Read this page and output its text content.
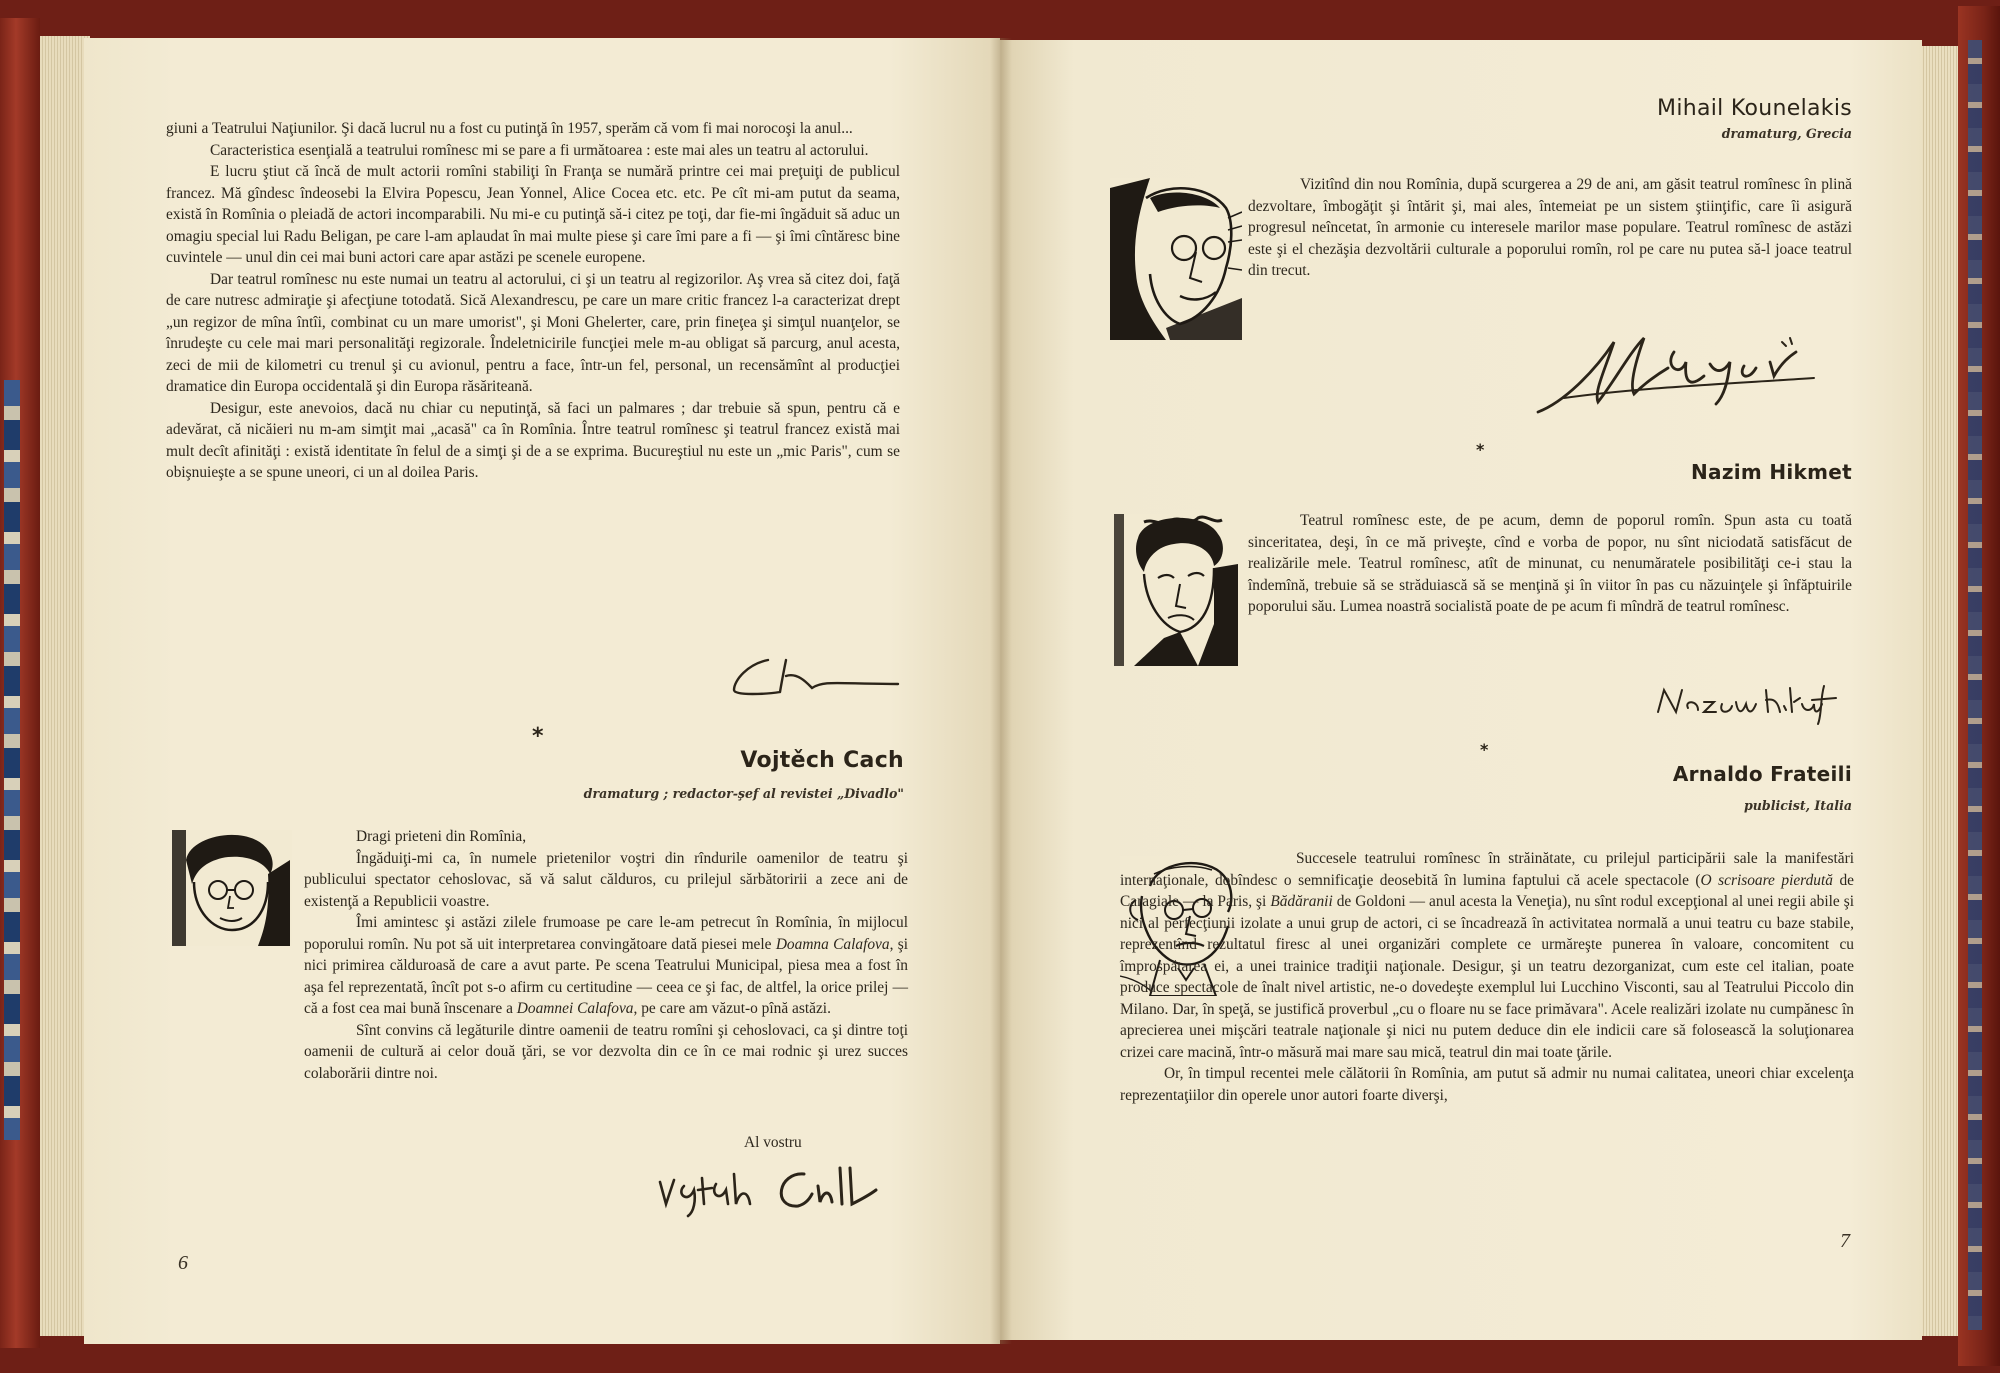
giuni a Teatrului Naţiunilor. Şi dacă lucrul nu a fost cu putinţă în 1957, sperăm că vom fi mai norocoşi la anul...

Caracteristica esenţială a teatrului romînesc mi se pare a fi următoarea : este mai ales un teatru al actorului.

E lucru ştiut că încă de mult actorii romîni stabiliţi în Franţa se numără printre cei mai preţuiţi de publicul francez. Mă gîndesc îndeosebi la Elvira Popescu, Jean Yonnel, Alice Cocea etc. etc. Pe cît mi-am putut da seama, există în Romînia o pleiadă de actori incomparabili. Nu mi-e cu putinţă să-i citez pe toţi, dar fie-mi îngăduit să aduc un omagiu special lui Radu Beligan, pe care l-am aplaudat în mai multe piese şi care îmi pare a fi — şi îmi cîntăresc bine cuvintele — unul din cei mai buni actori care apar astăzi pe scenele europene.

Dar teatrul romînesc nu este numai un teatru al actorului, ci şi un teatru al regizorilor. Aş vrea să citez doi, faţă de care nutresc admiraţie şi afecţiune totodată. Sică Alexandrescu, pe care un mare critic francez l-a caracterizat drept „un regizor de mîna întîi, combinat cu un mare umorist", şi Moni Ghelerter, care, prin fineţea şi simţul nuanţelor, se înrudeşte cu cele mai mari personalităţi regizorale. Îndeletnicirile funcţiei mele m-au obligat să parcurg, anul acesta, zeci de mii de kilometri cu trenul şi cu avionul, pentru a face, într-un fel, personal, un recensămînt al producţiei dramatice din Europa occidentală şi din Europa răsăriteană.

Desigur, este anevoios, dacă nu chiar cu neputinţă, să faci un palmares ; dar trebuie să spun, pentru că e adevărat, că nicăieri nu m-am simţit mai „acasă" ca în Romînia. Între teatrul romînesc şi teatrul francez există mai mult decît afinităţi : există identitate în felul de a simţi şi de a se exprima. Bucureştiul nu este un „mic Paris", cum se obişnuieşte a se spune uneori, ci un al doilea Paris.

*
Vojtěch Cach
dramaturg ; redactor-şef al revistei „Divadlo"

Dragi prieteni din Romînia,

Îngăduiţi-mi ca, în numele prietenilor voştri din rîndurile oamenilor de teatru şi publicului spectator cehoslovac, să vă salut călduros, cu prilejul sărbătoririi a zece ani de existenţă a Republicii voastre.

Îmi amintesc şi astăzi zilele frumoase pe care le-am petrecut în Romînia, în mijlocul poporului romîn. Nu pot să uit interpretarea convingătoare dată piesei mele Doamna Calafova, şi nici primirea călduroasă de care a avut parte. Pe scena Teatrului Municipal, piesa mea a fost în aşa fel reprezentată, încît pot s-o afirm cu certitudine — ceea ce şi fac, de altfel, la orice prilej — că a fost cea mai bună înscenare a Doamnei Calafova, pe care am văzut-o pînă astăzi.

Sînt convins că legăturile dintre oamenii de teatru romîni şi cehoslovaci, ca şi dintre toţi oamenii de cultură ai celor două ţări, se vor dezvolta din ce în ce mai rodnic şi urez succes colaborării dintre noi.

Al vostru
6
Mihail Kounelakis
dramaturg, Grecia

Vizitînd din nou Romînia, după scurgerea a 29 de ani, am găsit teatrul romînesc în plină dezvoltare, îmbogăţit şi întărit şi, mai ales, întemeiat pe un sistem ştiinţific, care îi asigură progresul neîncetat, în armonie cu interesele marilor mase populare. Teatrul romînesc de astăzi este şi el chezăşia dezvoltării culturale a poporului romîn, rol pe care nu putea să-l joace teatrul din trecut.

*
Nazim Hikmet

Teatrul romînesc este, de pe acum, demn de poporul romîn. Spun asta cu toată sinceritatea, deşi, în ce mă priveşte, cînd e vorba de popor, nu sînt niciodată satisfăcut de realizările mele. Teatrul romînesc, atît de minunat, cu nenumăratele posibilităţi ce-i stau la îndemînă, trebuie să se străduiască să se menţină şi în viitor în pas cu năzuinţele şi înfăptuirile poporului său. Lumea noastră socialistă poate de pe acum fi mîndră de teatrul romînesc.

*
Arnaldo Frateili
publicist, Italia

Succesele teatrului romînesc în străinătate, cu prilejul participării sale la manifestări internaţionale, dobîndesc o semnificaţie deosebită în lumina faptului că acele spectacole (O scrisoare pierdută de Caragiale — la Paris, şi Bădăranii de Goldoni — anul acesta la Veneţia), nu sînt rodul excepţional al unei regii abile şi nici al perfecţiunii izolate a unui grup de actori, ci se încadrează în activitatea normală a unui teatru cu baze stabile, reprezentînd rezultatul firesc al unei organizări complete ce urmăreşte punerea în valoare, concomitent cu împrospătarea ei, a unei trainice tradiţii naţionale. Desigur, şi un teatru dezorganizat, cum este cel italian, poate produce spectacole de înalt nivel artistic, ne-o dovedeşte exemplul lui Lucchino Visconti, sau al Teatrului Piccolo din Milano. Dar, în speţă, se justifică proverbul „cu o floare nu se face primăvara". Acele realizări izolate nu cumpănesc în aprecierea unei mişcări teatrale naţionale şi nici nu putem deduce din ele indicii care să folosească la soluţionarea crizei care macină, într-o măsură mai mare sau mică, teatrul din mai toate ţările.

Or, în timpul recentei mele călătorii în Romînia, am putut să admir nu numai calitatea, uneori chiar excelenţa reprezentaţiilor din operele unor autori foarte diverşi,

7
